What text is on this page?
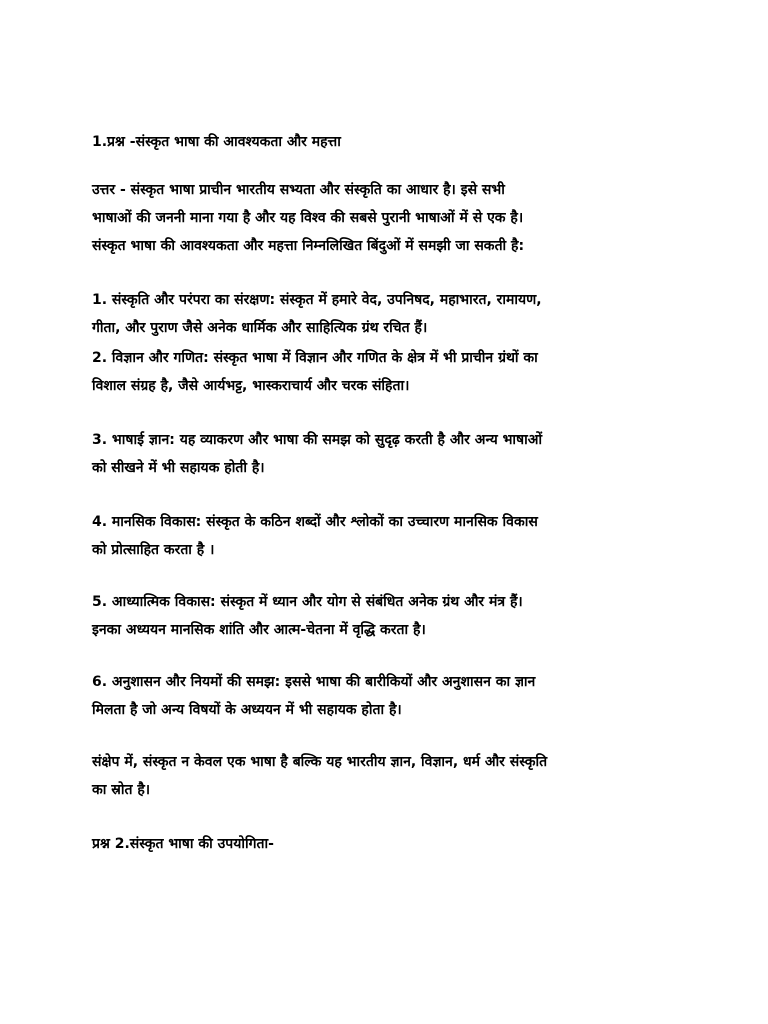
1.प्रश्न -संस्कृत भाषा की आवश्यकता और महत्ता

उत्तर - संस्कृत भाषा प्राचीन भारतीय सभ्यता और संस्कृति का आधार है। इसे सभी
भाषाओं की जननी माना गया है और यह विश्व की सबसे पुरानी भाषाओं में से एक है।
संस्कृत भाषा की आवश्यकता और महत्ता निम्नलिखित बिंदुओं में समझी जा सकती है:

1. संस्कृति और परंपरा का संरक्षण: संस्कृत में हमारे वेद, उपनिषद, महाभारत, रामायण,
गीता, और पुराण जैसे अनेक धार्मिक और साहित्यिक ग्रंथ रचित हैं।

2. विज्ञान और गणित: संस्कृत भाषा में विज्ञान और गणित के क्षेत्र में भी प्राचीन ग्रंथों का
विशाल संग्रह है, जैसे आर्यभट्ट, भास्कराचार्य और चरक संहिता।

3. भाषाई ज्ञान: यह व्याकरण और भाषा की समझ को सुदृढ़ करती है और अन्य भाषाओं
को सीखने में भी सहायक होती है।

4. मानसिक विकास: संस्कृत के कठिन शब्दों और श्लोकों का उच्चारण मानसिक विकास
को प्रोत्साहित करता है ।

5. आध्यात्मिक विकास: संस्कृत में ध्यान और योग से संबंधित अनेक ग्रंथ और मंत्र हैं।
इनका अध्ययन मानसिक शांति और आत्म-चेतना में वृद्धि करता है।

6. अनुशासन और नियमों की समझ: इससे भाषा की बारीकियों और अनुशासन का ज्ञान
मिलता है जो अन्य विषयों के अध्ययन में भी सहायक होता है।

संक्षेप में, संस्कृत न केवल एक भाषा है बल्कि यह भारतीय ज्ञान, विज्ञान, धर्म और संस्कृति
का स्रोत है।

प्रश्न 2.संस्कृत भाषा की उपयोगिता-
